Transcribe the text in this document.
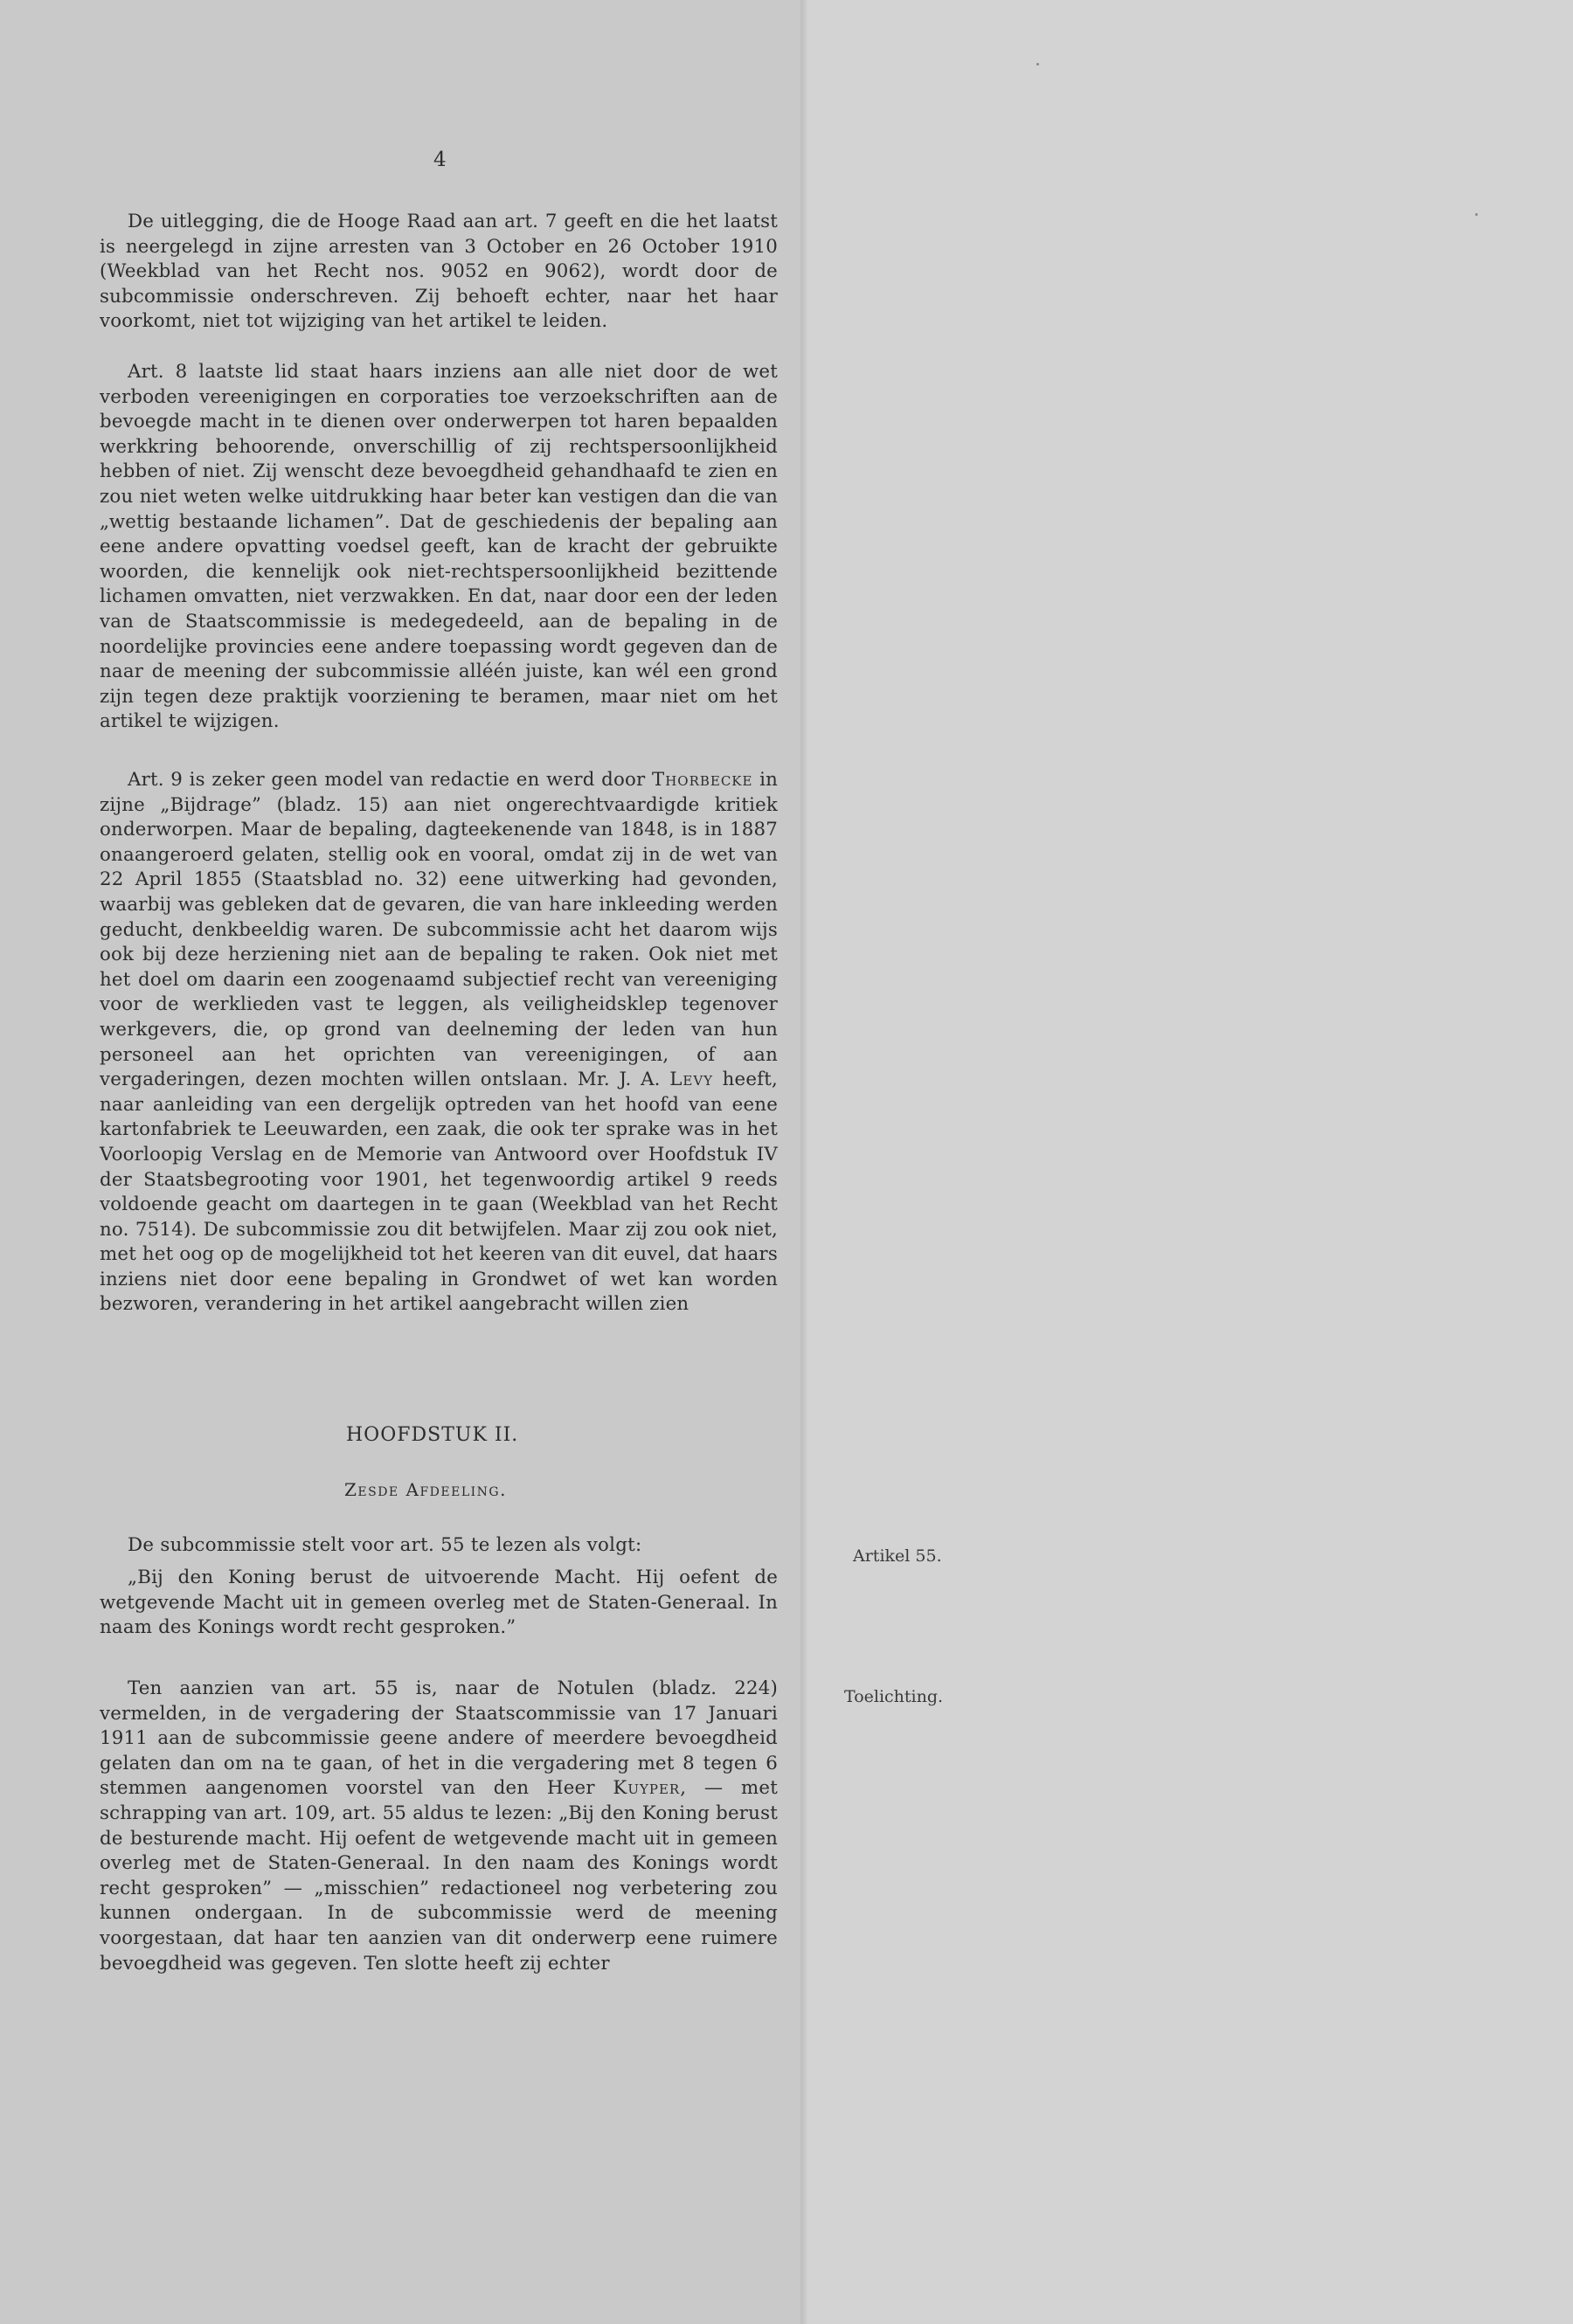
4

De uitlegging, die de Hooge Raad aan art. 7 geeft en die het laatst is neergelegd in zijne arresten van 3 October en 26 October 1910 (Weekblad van het Recht nos. 9052 en 9062), wordt door de subcommissie onderschreven. Zij behoeft echter, naar het haar voorkomt, niet tot wijziging van het artikel te leiden.

Art. 8 laatste lid staat haars inziens aan alle niet door de wet verboden vereenigingen en corporaties toe verzoekschriften aan de bevoegde macht in te dienen over onderwerpen tot haren bepaalden werkkring behoorende, onverschillig of zij rechtspersoonlijkheid hebben of niet. Zij wenscht deze bevoegdheid gehandhaafd te zien en zou niet weten welke uitdrukking haar beter kan vestigen dan die van „wettig bestaande lichamen”. Dat de geschiedenis der bepaling aan eene andere opvatting voedsel geeft, kan de kracht der gebruikte woorden, die kennelijk ook niet-rechtspersoonlijkheid bezittende lichamen omvatten, niet verzwakken. En dat, naar door een der leden van de Staatscommissie is medegedeeld, aan de bepaling in de noordelijke provincies eene andere toepassing wordt gegeven dan de naar de meening der subcommissie alléén juiste, kan wél een grond zijn tegen deze praktijk voorziening te beramen, maar niet om het artikel te wijzigen.

Art. 9 is zeker geen model van redactie en werd door Thorbecke in zijne „Bijdrage” (bladz. 15) aan niet ongerechtvaardigde kritiek onderworpen. Maar de bepaling, dagteekenende van 1848, is in 1887 onaangeroerd gelaten, stellig ook en vooral, omdat zij in de wet van 22 April 1855 (Staatsblad no. 32) eene uitwerking had gevonden, waarbij was gebleken dat de gevaren, die van hare inkleeding werden geducht, denkbeeldig waren. De subcommissie acht het daarom wijs ook bij deze herziening niet aan de bepaling te raken. Ook niet met het doel om daarin een zoogenaamd subjectief recht van vereeniging voor de werklieden vast te leggen, als veiligheidsklep tegenover werkgevers, die, op grond van deelneming der leden van hun personeel aan het oprichten van vereenigingen, of aan vergaderingen, dezen mochten willen ontslaan. Mr. J. A. Levy heeft, naar aanleiding van een dergelijk optreden van het hoofd van eene kartonfabriek te Leeuwarden, een zaak, die ook ter sprake was in het Voorloopig Verslag en de Memorie van Antwoord over Hoofdstuk IV der Staatsbegrooting voor 1901, het tegenwoordig artikel 9 reeds voldoende geacht om daartegen in te gaan (Weekblad van het Recht no. 7514). De subcommissie zou dit betwijfelen. Maar zij zou ook niet, met het oog op de mogelijkheid tot het keeren van dit euvel, dat haars inziens niet door eene bepaling in Grondwet of wet kan worden bezworen, verandering in het artikel aangebracht willen zien

HOOFDSTUK II.
Zesde Afdeeling.
De subcommissie stelt voor art. 55 te lezen als volgt:

„Bij den Koning berust de uitvoerende Macht. Hij oefent de wetgevende Macht uit in gemeen overleg met de Staten-Generaal. In naam des Konings wordt recht gesproken.”

Artikel 55.

Ten aanzien van art. 55 is, naar de Notulen (bladz. 224) vermelden, in de vergadering der Staatscommissie van 17 Januari 1911 aan de subcommissie geene andere of meerdere bevoegdheid gelaten dan om na te gaan, of het in die vergadering met 8 tegen 6 stemmen aangenomen voorstel van den Heer Kuyper, — met schrapping van art. 109, art. 55 aldus te lezen: „Bij den Koning berust de besturende macht. Hij oefent de wetgevende macht uit in gemeen overleg met de Staten-Generaal. In den naam des Konings wordt recht gesproken” — „misschien” redactioneel nog verbetering zou kunnen ondergaan. In de subcommissie werd de meening voorgestaan, dat haar ten aanzien van dit onderwerp eene ruimere bevoegdheid was gegeven. Ten slotte heeft zij echter

Toelichting.
